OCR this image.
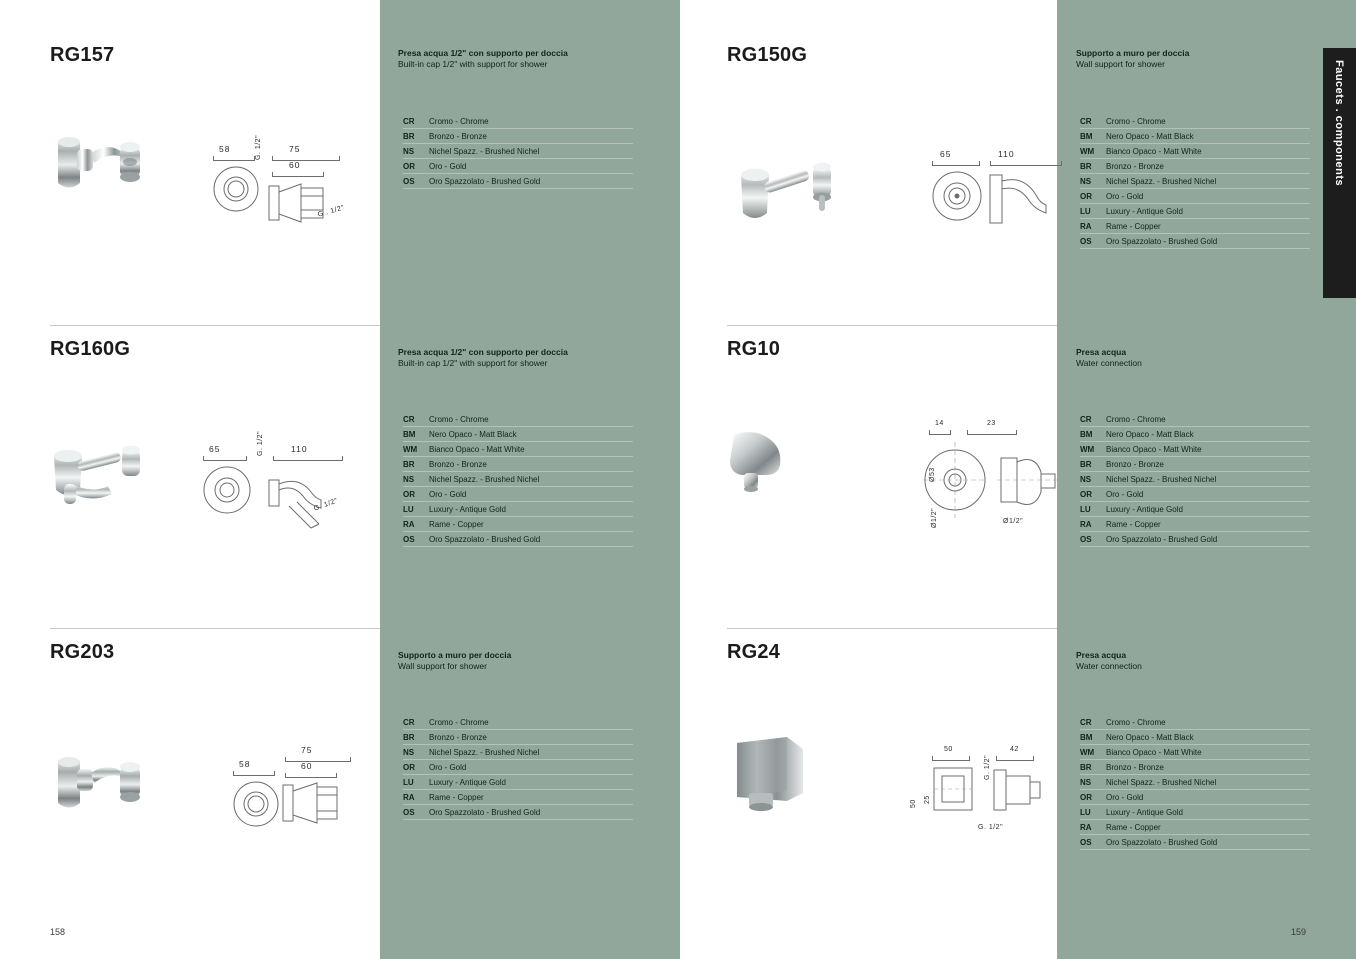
Faucets . components
RG157	Presa acqua 1/2" con supporto per doccia
Built-in cap 1/2" with support for shower
CR	Cromo - Chrome
BR	Bronzo - Bronze
NS	Nichel Spazz. - Brushed Nichel
OR	Oro - Gold
OS	Oro Spazzolato - Brushed Gold
58	75
60
G. 1/2"
G . 1/2"
RG150G	Supporto a muro per doccia
Wall support for shower
CR	Cromo - Chrome
BM	Nero Opaco - Matt Black
WM	Bianco Opaco - Matt White
BR	Bronzo - Bronze
NS	Nichel Spazz. - Brushed Nichel
OR	Oro - Gold
LU	Luxury - Antique Gold
RA	Rame - Copper
OS	Oro Spazzolato - Brushed Gold
65	110
RG160G	Presa acqua 1/2" con supporto per doccia
Built-in cap 1/2" with support for shower
CR	Cromo - Chrome
BM	Nero Opaco - Matt Black
WM	Bianco Opaco - Matt White
BR	Bronzo - Bronze
NS	Nichel Spazz. - Brushed Nichel
OR	Oro - Gold
LU	Luxury - Antique Gold
RA	Rame - Copper
OS	Oro Spazzolato - Brushed Gold
65	G. 1/2"	110
G. 1/2"
RG10	Presa acqua
Water connection
CR	Cromo - Chrome
BM	Nero Opaco - Matt Black
WM	Bianco Opaco - Matt White
BR	Bronzo - Bronze
NS	Nichel Spazz. - Brushed Nichel
OR	Oro - Gold
LU	Luxury - Antique Gold
RA	Rame - Copper
OS	Oro Spazzolato - Brushed Gold
14	23
Ø53
Ø1/2"	Ø1/2"
RG203	Supporto a muro per doccia
Wall support for shower
CR	Cromo - Chrome
BR	Bronzo - Bronze
NS	Nichel Spazz. - Brushed Nichel
OR	Oro - Gold
LU	Luxury - Antique Gold
RA	Rame - Copper
OS	Oro Spazzolato - Brushed Gold
58
75
60
RG24	Presa acqua
Water connection
CR	Cromo - Chrome
BM	Nero Opaco - Matt Black
WM	Bianco Opaco - Matt White
BR	Bronzo - Bronze
NS	Nichel Spazz. - Brushed Nichel
OR	Oro - Gold
LU	Luxury - Antique Gold
RA	Rame - Copper
OS	Oro Spazzolato - Brushed Gold
50	42
50 25
G. 1/2"
G. 1/2"
158	159
